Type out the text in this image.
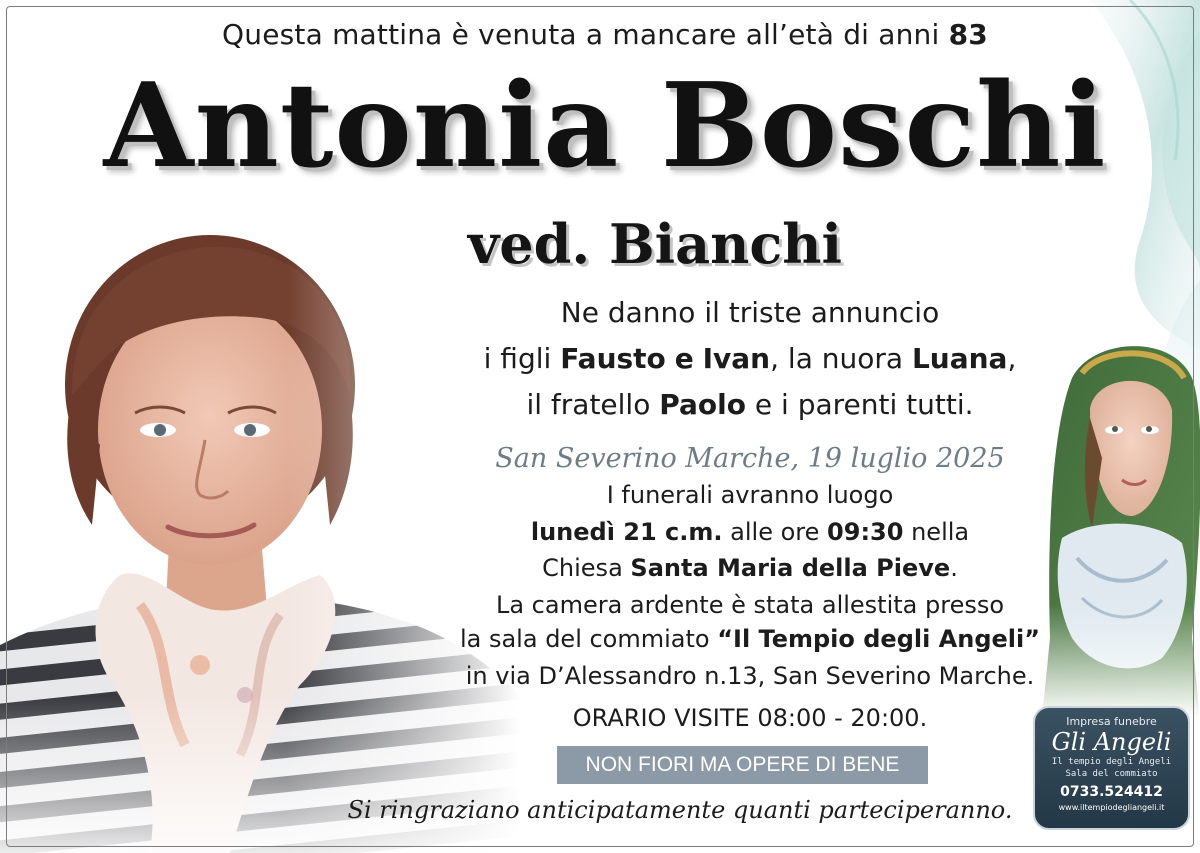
Questa mattina è venuta a mancare all’età di anni 83
Antonia Boschi
ved. Bianchi
Ne danno il triste annuncio
i figli Fausto e Ivan, la nuora Luana,
il fratello Paolo e i parenti tutti.
San Severino Marche, 19 luglio 2025
I funerali avranno luogo
lunedì 21 c.m. alle ore 09:30 nella
Chiesa Santa Maria della Pieve.
La camera ardente è stata allestita presso
la sala del commiato “Il Tempio degli Angeli”
in via D’Alessandro n.13, San Severino Marche.
ORARIO VISITE 08:00 - 20:00.
NON FIORI MA OPERE DI BENE
Si ringraziano anticipatamente quanti parteciperanno.
Impresa funebre
Gli Angeli
Il tempio degli Angeli
Sala del commiato
0733.524412
www.iltempiodegliangeli.it
